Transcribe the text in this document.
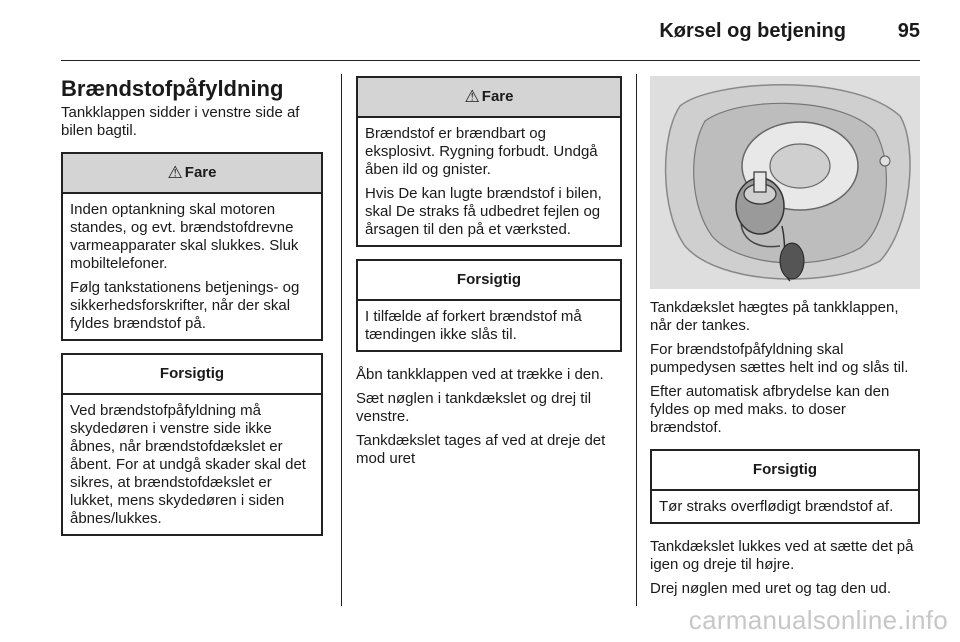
Kørsel og betjening	95
Brændstofpåfyldning

Tankklappen sidder i venstre side af bilen bagtil.

⚠ Fare

Inden optankning skal motoren standes, og evt. brændstofdrevne varmeapparater skal slukkes. Sluk mobiltelefoner.

Følg tankstationens betjenings- og sikkerhedsforskrifter, når der skal fyldes brændstof på.

Forsigtig

Ved brændstofpåfyldning må skydedøren i venstre side ikke åbnes, når brændstofdækslet er åbent. For at undgå skader skal det sikres, at brændstofdækslet er lukket, mens skydedøren i siden åbnes/lukkes.

⚠ Fare

Brændstof er brændbart og eksplosivt. Rygning forbudt. Undgå åben ild og gnister.

Hvis De kan lugte brændstof i bilen, skal De straks få udbedret fejlen og årsagen til den på et værksted.

Forsigtig

I tilfælde af forkert brændstof må tændingen ikke slås til.

Åbn tankklappen ved at trække i den.

Sæt nøglen i tankdækslet og drej til venstre.

Tankdækslet tages af ved at dreje det mod uret

Tankdækslet hægtes på tankklappen, når der tankes.

For brændstofpåfyldning skal pumpedysen sættes helt ind og slås til.

Efter automatisk afbrydelse kan den fyldes op med maks. to doser brændstof.

Forsigtig

Tør straks overflødigt brændstof af.

Tankdækslet lukkes ved at sætte det på igen og dreje til højre.

Drej nøglen med uret og tag den ud.

carmanualsonline.info
